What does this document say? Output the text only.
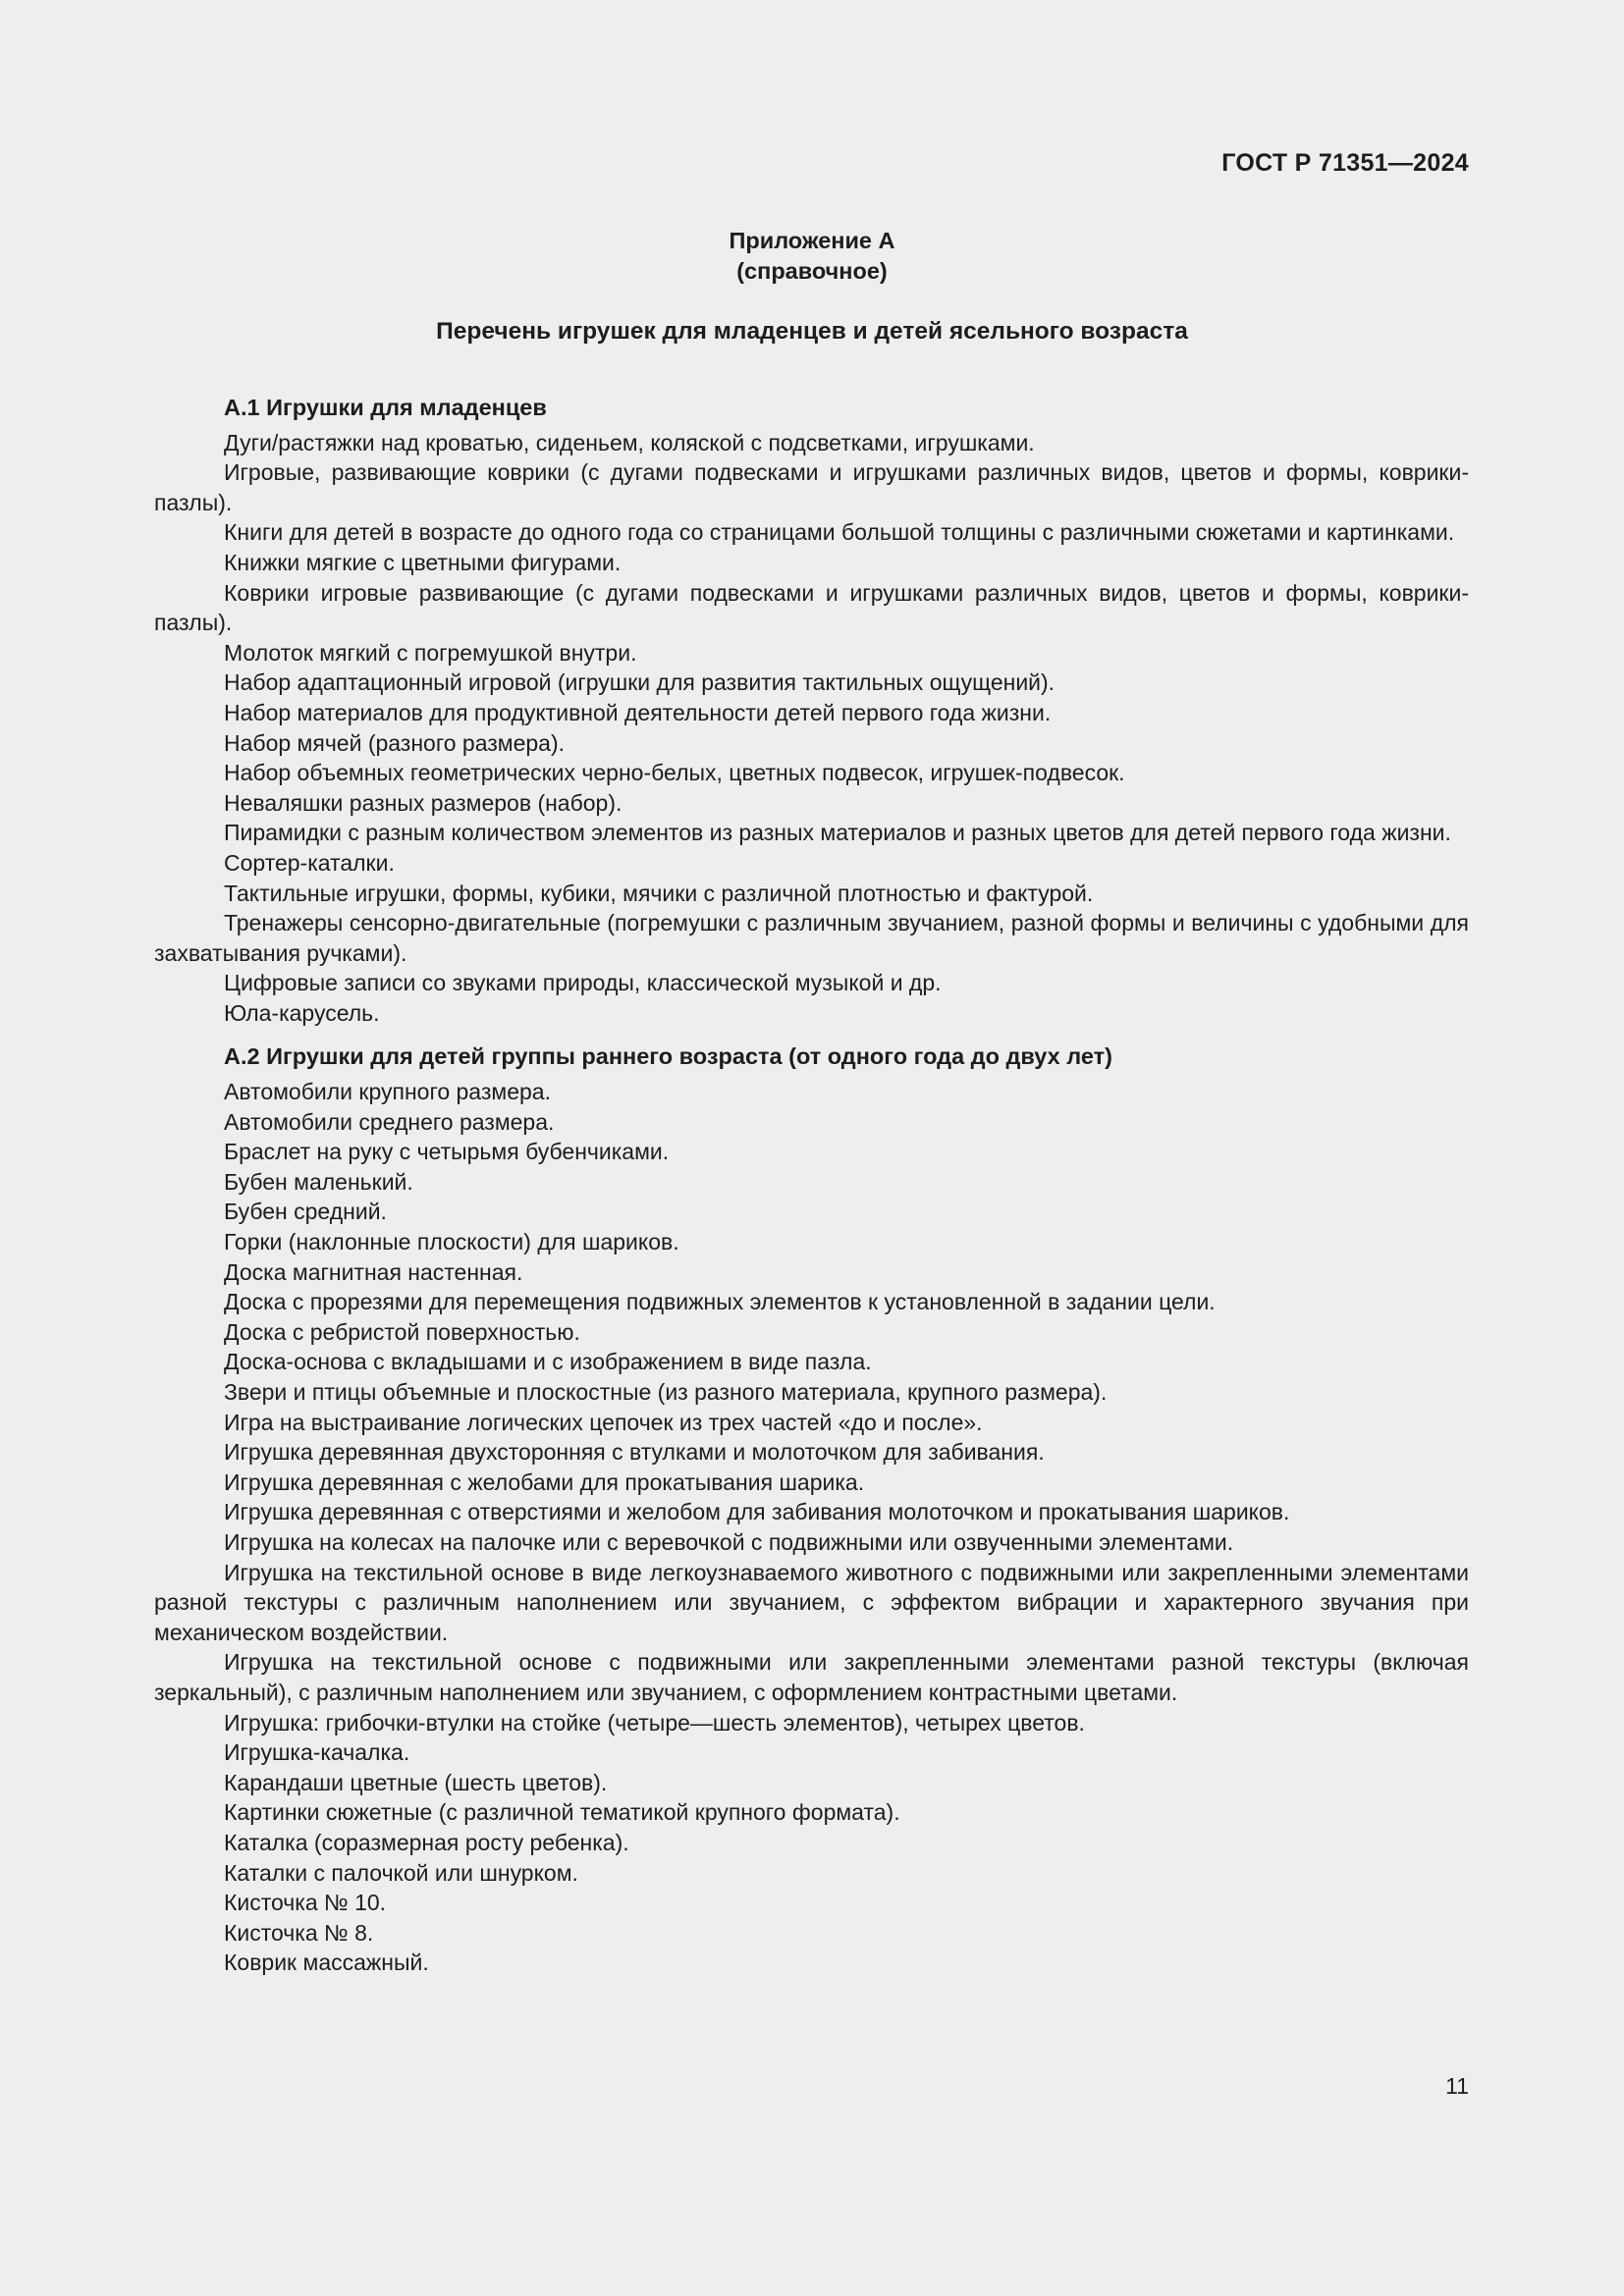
ГОСТ Р 71351—2024
Приложение А
(справочное)
Перечень игрушек для младенцев и детей ясельного возраста
А.1 Игрушки для младенцев

Дуги/растяжки над кроватью, сиденьем, коляской с подсветками, игрушками.

Игровые, развивающие коврики (с дугами подвесками и игрушками различных видов, цветов и формы, коврики-пазлы).

Книги для детей в возрасте до одного года со страницами большой толщины с различными сюжетами и картинками.

Книжки мягкие с цветными фигурами.

Коврики игровые развивающие (с дугами подвесками и игрушками различных видов, цветов и формы, коврики-пазлы).

Молоток мягкий с погремушкой внутри.

Набор адаптационный игровой (игрушки для развития тактильных ощущений).

Набор материалов для продуктивной деятельности детей первого года жизни.

Набор мячей (разного размера).

Набор объемных геометрических черно-белых, цветных подвесок, игрушек-подвесок.

Неваляшки разных размеров (набор).

Пирамидки с разным количеством элементов из разных материалов и разных цветов для детей первого года жизни.

Сортер-каталки.

Тактильные игрушки, формы, кубики, мячики с различной плотностью и фактурой.

Тренажеры сенсорно-двигательные (погремушки с различным звучанием, разной формы и величины с удобными для захватывания ручками).

Цифровые записи со звуками природы, классической музыкой и др.

Юла-карусель.

А.2 Игрушки для детей группы раннего возраста (от одного года до двух лет)

Автомобили крупного размера.

Автомобили среднего размера.

Браслет на руку с четырьмя бубенчиками.

Бубен маленький.

Бубен средний.

Горки (наклонные плоскости) для шариков.

Доска магнитная настенная.

Доска с прорезями для перемещения подвижных элементов к установленной в задании цели.

Доска с ребристой поверхностью.

Доска-основа с вкладышами и с изображением в виде пазла.

Звери и птицы объемные и плоскостные (из разного материала, крупного размера).

Игра на выстраивание логических цепочек из трех частей «до и после».

Игрушка деревянная двухсторонняя с втулками и молоточком для забивания.

Игрушка деревянная с желобами для прокатывания шарика.

Игрушка деревянная с отверстиями и желобом для забивания молоточком и прокатывания шариков.

Игрушка на колесах на палочке или с веревочкой с подвижными или озвученными элементами.

Игрушка на текстильной основе в виде легкоузнаваемого животного с подвижными или закрепленными элементами разной текстуры с различным наполнением или звучанием, с эффектом вибрации и характерного звучания при механическом воздействии.

Игрушка на текстильной основе с подвижными или закрепленными элементами разной текстуры (включая зеркальный), с различным наполнением или звучанием, с оформлением контрастными цветами.

Игрушка: грибочки-втулки на стойке (четыре—шесть элементов), четырех цветов.

Игрушка-качалка.

Карандаши цветные (шесть цветов).

Картинки сюжетные (с различной тематикой крупного формата).

Каталка (соразмерная росту ребенка).

Каталки с палочкой или шнурком.

Кисточка № 10.

Кисточка № 8.

Коврик массажный.

11
